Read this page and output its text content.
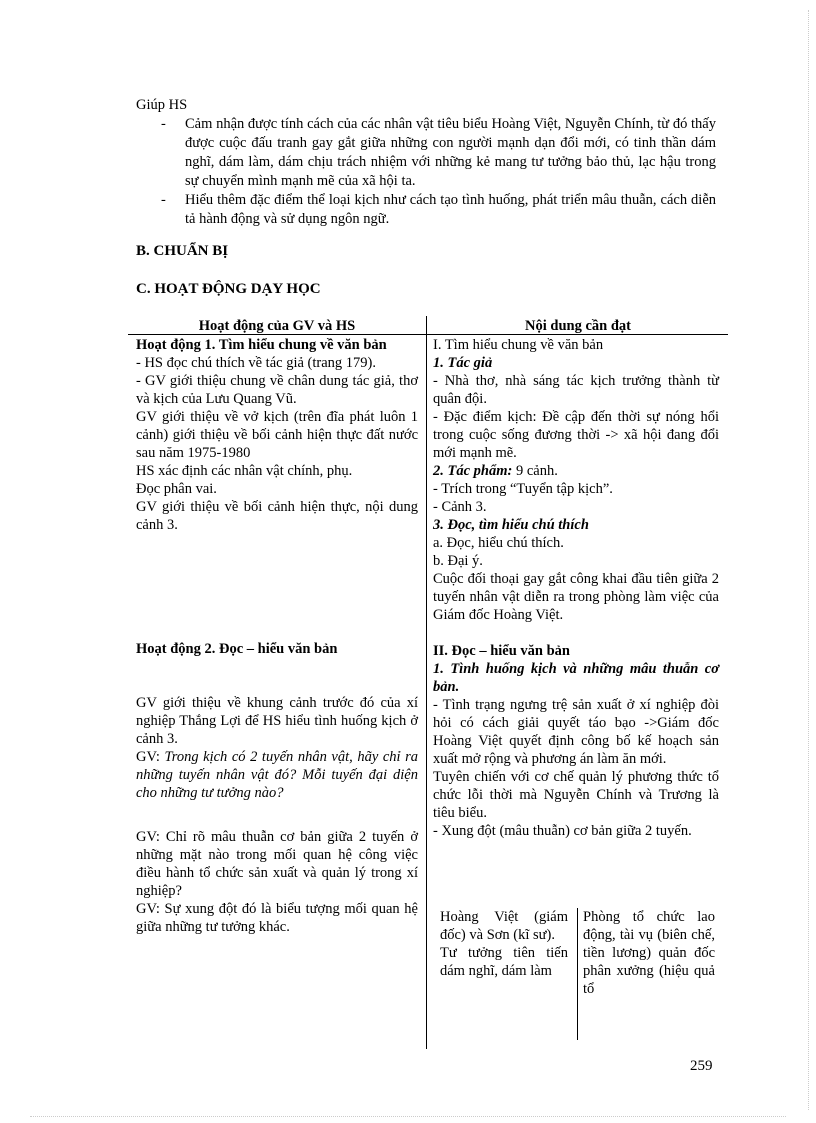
Giúp HS
- Cảm nhận được tính cách của các nhân vật tiêu biểu Hoàng Việt, Nguyễn Chính, từ đó thấy được cuộc đấu tranh gay gắt giữa những con người mạnh dạn đổi mới, có tinh thần dám nghĩ, dám làm, dám chịu trách nhiệm với những kẻ mang tư tưởng bảo thủ, lạc hậu trong sự chuyển mình mạnh mẽ của xã hội ta.
- Hiểu thêm đặc điểm thể loại kịch như cách tạo tình huống, phát triển mâu thuẫn, cách diễn tả hành động và sử dụng ngôn ngữ.
B. CHUẨN BỊ
C. HOẠT ĐỘNG DẠY HỌC
Hoạt động của GV và HS	Nội dung cần đạt

Hoạt động 1. Tìm hiểu chung về văn bản

- HS đọc chú thích về tác giả (trang 179).

- GV giới thiệu chung về chân dung tác giả, thơ và kịch của Lưu Quang Vũ.

GV giới thiệu về vở kịch (trên đĩa phát luôn 1 cảnh) giới thiệu về bối cảnh hiện thực đất nước sau năm 1975-1980

HS xác định các nhân vật chính, phụ.

Đọc phân vai.

GV giới thiệu về bối cảnh hiện thực, nội dung cảnh 3.

Hoạt động 2. Đọc – hiểu văn bản

GV giới thiệu về khung cảnh trước đó của xí nghiệp Thắng Lợi để HS hiểu tình huống kịch ở cảnh 3.

GV: Trong kịch có 2 tuyến nhân vật, hãy chỉ ra những tuyến nhân vật đó? Mỗi tuyến đại diện cho những tư tưởng nào?

GV: Chỉ rõ mâu thuẫn cơ bản giữa 2 tuyến ở những mặt nào trong mối quan hệ công việc điều hành tổ chức sản xuất và quản lý trong xí nghiệp?

GV: Sự xung đột đó là biểu tượng mối quan hệ giữa những tư tưởng khác.

I. Tìm hiểu chung về văn bản

1. Tác giả

- Nhà thơ, nhà sáng tác kịch trưởng thành từ quân đội.

- Đặc điểm kịch: Đề cập đến thời sự nóng hổi trong cuộc sống đương thời -> xã hội đang đổi mới mạnh mẽ.

2. Tác phẩm: 9 cảnh.

- Trích trong “Tuyển tập kịch”.

- Cảnh 3.

3. Đọc, tìm hiểu chú thích

a. Đọc, hiểu chú thích.

b. Đại ý.

Cuộc đối thoại gay gắt công khai đầu tiên giữa 2 tuyến nhân vật diễn ra trong phòng làm việc của Giám đốc Hoàng Việt.

II. Đọc – hiểu văn bản

1. Tình huống kịch và những mâu thuẫn cơ bản.

- Tình trạng ngưng trệ sản xuất ở xí nghiệp đòi hỏi có cách giải quyết táo bạo ->Giám đốc Hoàng Việt quyết định công bố kế hoạch sản xuất mở rộng và phương án làm ăn mới.

Tuyên chiến với cơ chế quản lý phương thức tổ chức lỗi thời mà Nguyễn Chính và Trương là tiêu biểu.

- Xung đột (mâu thuẫn) cơ bản giữa 2 tuyến.

Hoàng Việt (giám đốc) và Sơn (kĩ sư).
Tư tưởng tiên tiến dám nghĩ, dám làm
Phòng tổ chức lao động, tài vụ (biên chế, tiền lương) quản đốc phân xưởng (hiệu quả tổ
259
